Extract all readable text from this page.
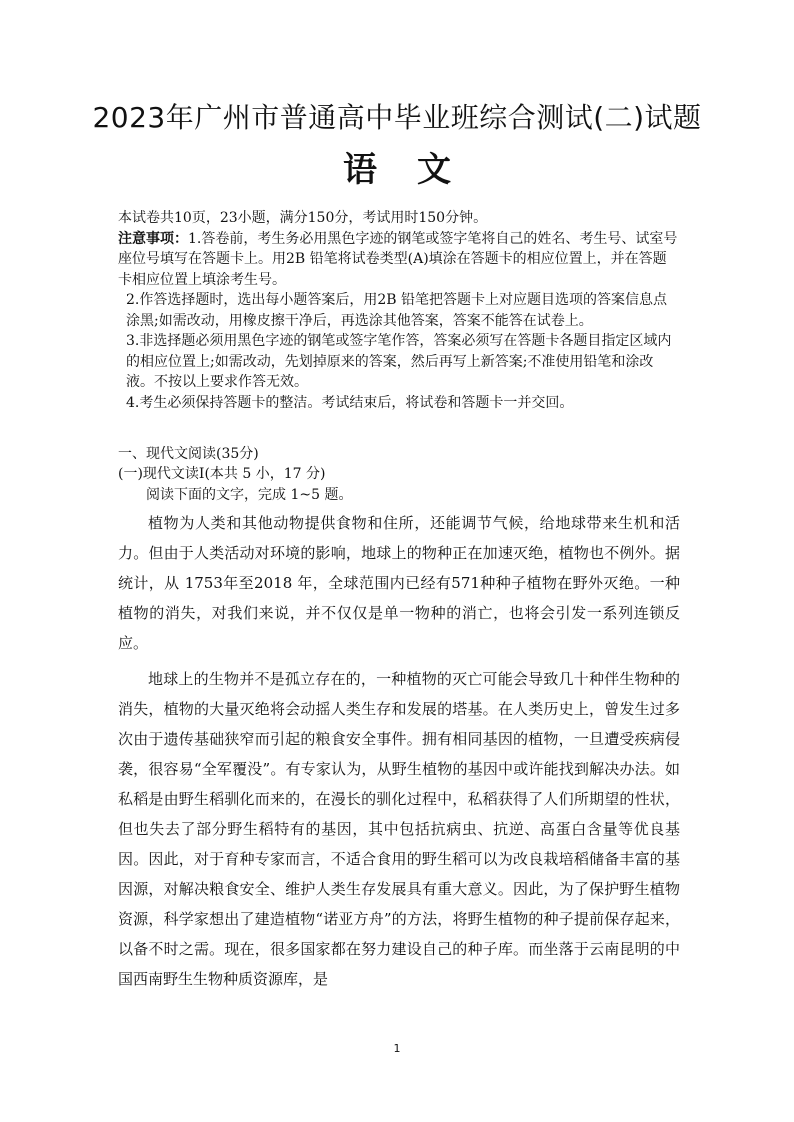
2023年广州市普通高中毕业班综合测试(二)试题
语 文

本试卷共10页，23小题，满分150分，考试用时150分钟。

注意事项：1.答卷前，考生务必用黑色字迹的钢笔或签字笔将自己的姓名、考生号、试室号座位号填写在答题卡上。用2B 铅笔将试卷类型(A)填涂在答题卡的相应位置上，并在答题卡相应位置上填涂考生号。

2.作答选择题时，选出每小题答案后，用2B 铅笔把答题卡上对应题目选项的答案信息点涂黑;如需改动，用橡皮擦干净后，再选涂其他答案，答案不能答在试卷上。

3.非选择题必须用黑色字迹的钢笔或签字笔作答，答案必须写在答题卡各题目指定区域内的相应位置上;如需改动，先划掉原来的答案，然后再写上新答案;不准使用铅笔和涂改液。不按以上要求作答无效。

4.考生必须保持答题卡的整洁。考试结束后，将试卷和答题卡一并交回。

一、现代文阅读(35分)
(一)现代文读Ⅰ(本共 5 小，17 分)
阅读下面的文字，完成 1~5 题。

植物为人类和其他动物提供食物和住所，还能调节气候，给地球带来生机和活力。但由于人类活动对环境的影响，地球上的物种正在加速灭绝，植物也不例外。据统计，从 1753年至2018 年，全球范围内已经有571种种子植物在野外灭绝。一种植物的消失，对我们来说，并不仅仅是单一物种的消亡，也将会引发一系列连锁反应。

地球上的生物并不是孤立存在的，一种植物的灭亡可能会导致几十种伴生物种的消失，植物的大量灭绝将会动摇人类生存和发展的塔基。在人类历史上，曾发生过多次由于遗传基础狭窄而引起的粮食安全事件。拥有相同基因的植物，一旦遭受疾病侵袭，很容易“全军覆没”。有专家认为，从野生植物的基因中或许能找到解决办法。如私稻是由野生稻驯化而来的，在漫长的驯化过程中，私稻获得了人们所期望的性状，但也失去了部分野生稻特有的基因，其中包括抗病虫、抗逆、高蛋白含量等优良基因。因此，对于育种专家而言，不适合食用的野生稻可以为改良栽培稻储备丰富的基因源，对解决粮食安全、维护人类生存发展具有重大意义。因此，为了保护野生植物资源，科学家想出了建造植物“诺亚方舟”的方法，将野生植物的种子提前保存起来，以备不时之需。现在，很多国家都在努力建设自己的种子库。而坐落于云南昆明的中国西南野生生物种质资源库，是

1
